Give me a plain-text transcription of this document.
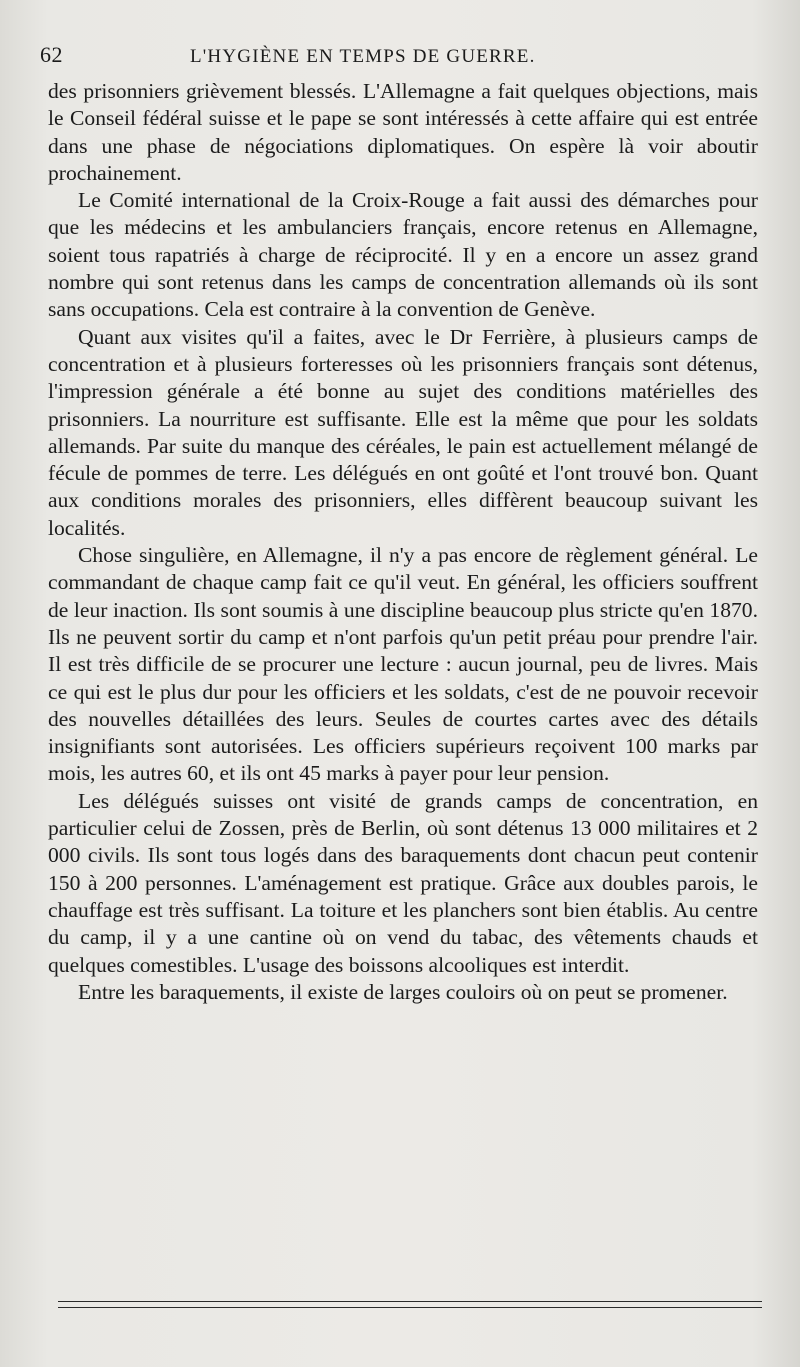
62	L'HYGIÈNE EN TEMPS DE GUERRE.

des prisonniers grièvement blessés. L'Allemagne a fait quelques objections, mais le Conseil fédéral suisse et le pape se sont intéressés à cette affaire qui est entrée dans une phase de négociations diplomatiques. On espère là voir aboutir prochainement.

Le Comité international de la Croix-Rouge a fait aussi des démarches pour que les médecins et les ambulanciers français, encore retenus en Allemagne, soient tous rapatriés à charge de réciprocité. Il y en a encore un assez grand nombre qui sont retenus dans les camps de concentration allemands où ils sont sans occupations. Cela est contraire à la convention de Genève.

Quant aux visites qu'il a faites, avec le Dr Ferrière, à plusieurs camps de concentration et à plusieurs forteresses où les prisonniers français sont détenus, l'impression générale a été bonne au sujet des conditions matérielles des prisonniers. La nourriture est suffisante. Elle est la même que pour les soldats allemands. Par suite du manque des céréales, le pain est actuellement mélangé de fécule de pommes de terre. Les délégués en ont goûté et l'ont trouvé bon. Quant aux conditions morales des prisonniers, elles diffèrent beaucoup suivant les localités.

Chose singulière, en Allemagne, il n'y a pas encore de règlement général. Le commandant de chaque camp fait ce qu'il veut. En général, les officiers souffrent de leur inaction. Ils sont soumis à une discipline beaucoup plus stricte qu'en 1870. Ils ne peuvent sortir du camp et n'ont parfois qu'un petit préau pour prendre l'air. Il est très difficile de se procurer une lecture : aucun journal, peu de livres. Mais ce qui est le plus dur pour les officiers et les soldats, c'est de ne pouvoir recevoir des nouvelles détaillées des leurs. Seules de courtes cartes avec des détails insignifiants sont autorisées. Les officiers supérieurs reçoivent 100 marks par mois, les autres 60, et ils ont 45 marks à payer pour leur pension.

Les délégués suisses ont visité de grands camps de concentration, en particulier celui de Zossen, près de Berlin, où sont détenus 13 000 militaires et 2 000 civils. Ils sont tous logés dans des baraquements dont chacun peut contenir 150 à 200 personnes. L'aménagement est pratique. Grâce aux doubles parois, le chauffage est très suffisant. La toiture et les planchers sont bien établis. Au centre du camp, il y a une cantine où on vend du tabac, des vêtements chauds et quelques comestibles. L'usage des boissons alcooliques est interdit.

Entre les baraquements, il existe de larges couloirs où on peut se promener.
